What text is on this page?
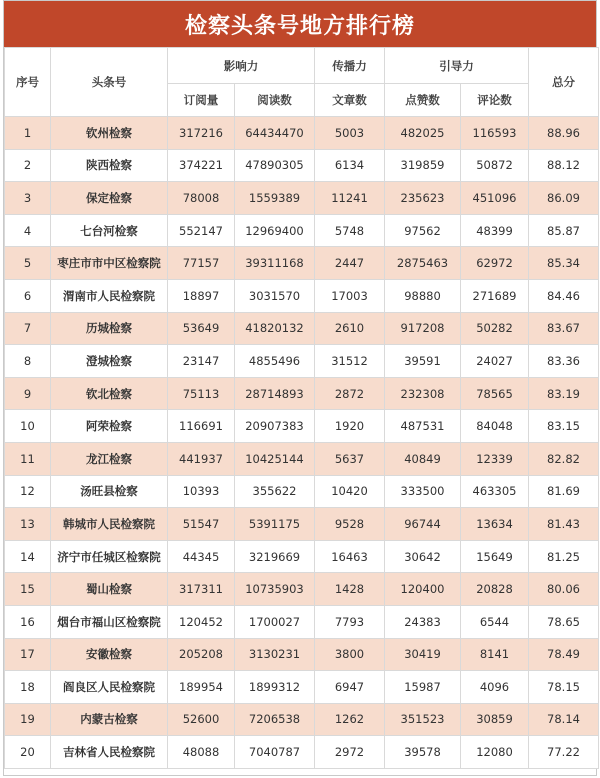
检察头条号地方排行榜
序号	头条号	影响力		传播力	引导力		总分
		订阅量	阅读数	文章数	点赞数	评论数	
1	钦州检察	317216	64434470	5003	482025	116593	88.96
2	陕西检察	374221	47890305	6134	319859	50872	88.12
3	保定检察	78008	1559389	11241	235623	451096	86.09
4	七台河检察	552147	12969400	5748	97562	48399	85.87
5	枣庄市市中区检察院	77157	39311168	2447	2875463	62972	85.34
6	渭南市人民检察院	18897	3031570	17003	98880	271689	84.46
7	历城检察	53649	41820132	2610	917208	50282	83.67
8	澄城检察	23147	4855496	31512	39591	24027	83.36
9	钦北检察	75113	28714893	2872	232308	78565	83.19
10	阿荣检察	116691	20907383	1920	487531	84048	83.15
11	龙江检察	441937	10425144	5637	40849	12339	82.82
12	汤旺县检察	10393	355622	10420	333500	463305	81.69
13	韩城市人民检察院	51547	5391175	9528	96744	13634	81.43
14	济宁市任城区检察院	44345	3219669	16463	30642	15649	81.25
15	蜀山检察	317311	10735903	1428	120400	20828	80.06
16	烟台市福山区检察院	120452	1700027	7793	24383	6544	78.65
17	安徽检察	205208	3130231	3800	30419	8141	78.49
18	阎良区人民检察院	189954	1899312	6947	15987	4096	78.15
19	内蒙古检察	52600	7206538	1262	351523	30859	78.14
20	吉林省人民检察院	48088	7040787	2972	39578	12080	77.22
